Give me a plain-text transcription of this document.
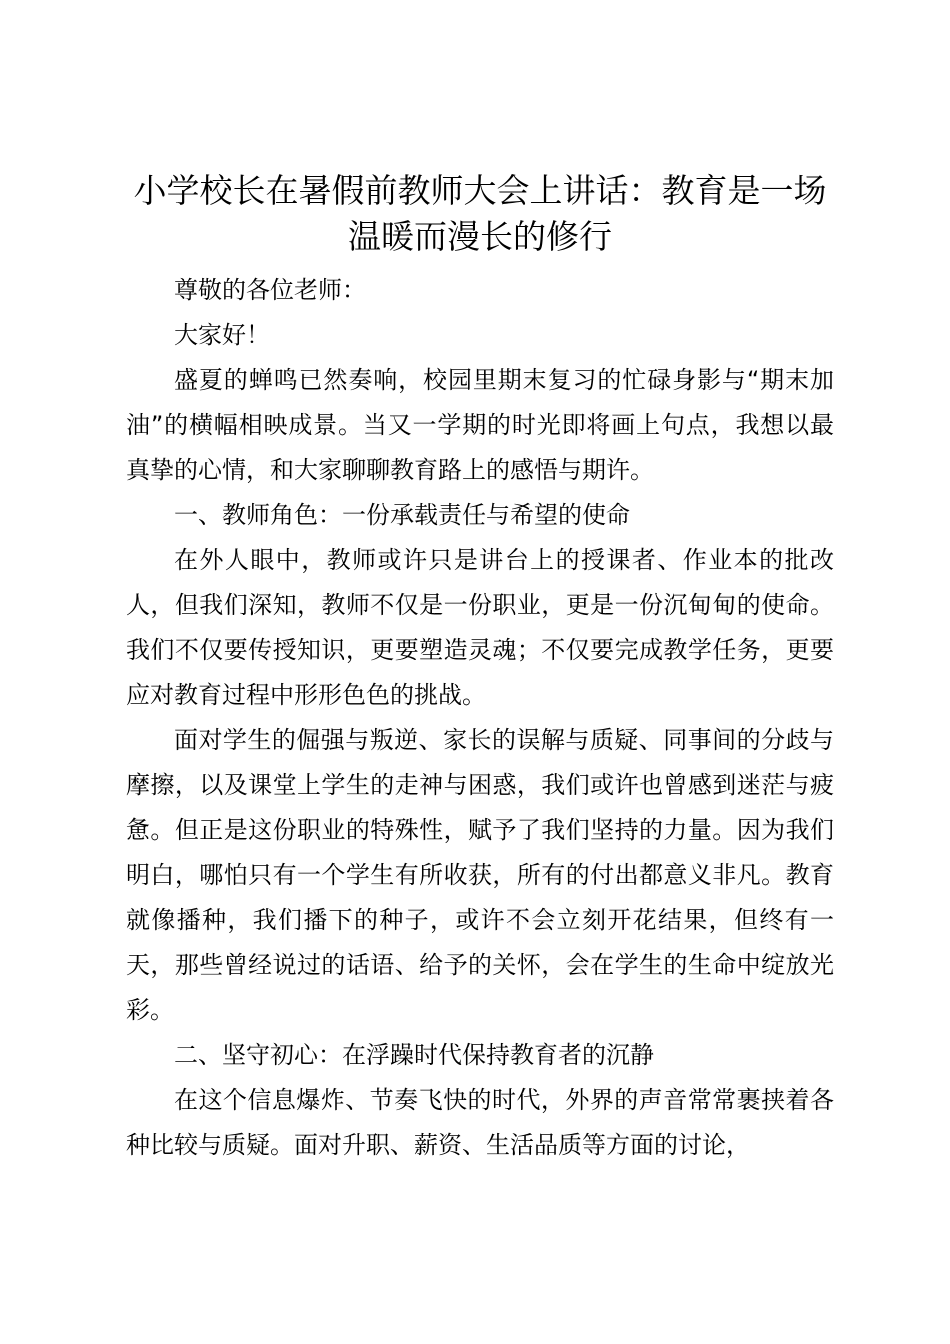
小学校长在暑假前教师大会上讲话：教育是一场温暖而漫长的修行

尊敬的各位老师：

大家好！

盛夏的蝉鸣已然奏响，校园里期末复习的忙碌身影与“期末加油”的横幅相映成景。当又一学期的时光即将画上句点，我想以最真挚的心情，和大家聊聊教育路上的感悟与期许。

一、教师角色：一份承载责任与希望的使命

在外人眼中，教师或许只是讲台上的授课者、作业本的批改人，但我们深知，教师不仅是一份职业，更是一份沉甸甸的使命。我们不仅要传授知识，更要塑造灵魂；不仅要完成教学任务，更要应对教育过程中形形色色的挑战。

面对学生的倔强与叛逆、家长的误解与质疑、同事间的分歧与摩擦，以及课堂上学生的走神与困惑，我们或许也曾感到迷茫与疲惫。但正是这份职业的特殊性，赋予了我们坚持的力量。因为我们明白，哪怕只有一个学生有所收获，所有的付出都意义非凡。教育就像播种，我们播下的种子，或许不会立刻开花结果，但终有一天，那些曾经说过的话语、给予的关怀，会在学生的生命中绽放光彩。

二、坚守初心：在浮躁时代保持教育者的沉静

在这个信息爆炸、节奏飞快的时代，外界的声音常常裹挟着各种比较与质疑。面对升职、薪资、生活品质等方面的讨论，
